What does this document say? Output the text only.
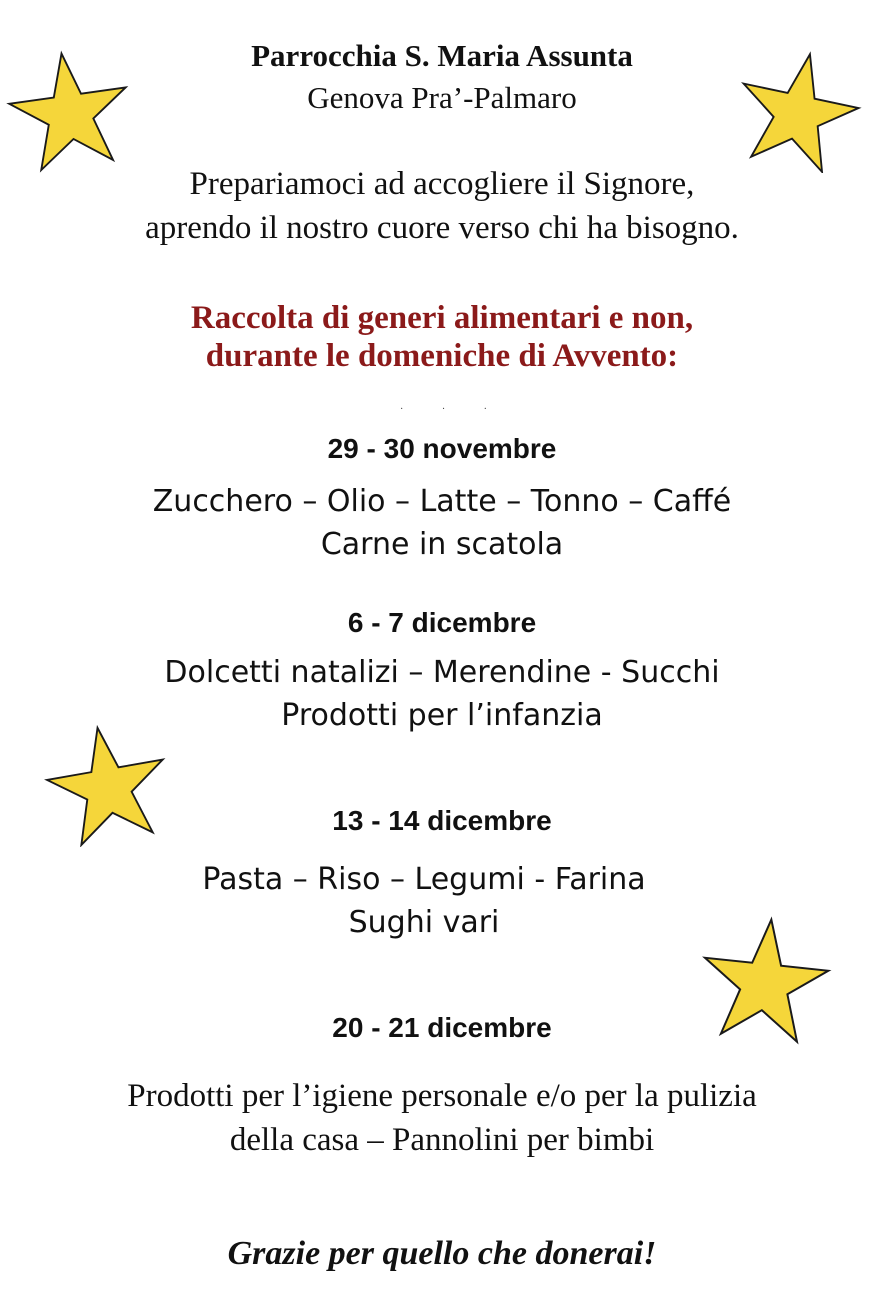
Parrocchia S. Maria Assunta

Genova Pra’-Palmaro

Prepariamoci ad accogliere il Signore,

aprendo il nostro cuore verso chi ha bisogno.

Raccolta di generi alimentari e non,

durante le domeniche di Avvento:

· · ·

29 - 30 novembre

Zucchero – Olio – Latte – Tonno – Caffé

Carne in scatola

6 - 7 dicembre

Dolcetti natalizi – Merendine - Succhi

Prodotti per l’infanzia

13 - 14 dicembre

Pasta – Riso – Legumi - Farina

Sughi vari

20 - 21 dicembre

Prodotti per l’igiene personale e/o per la pulizia

della casa – Pannolini per bimbi

Grazie per quello che donerai!
